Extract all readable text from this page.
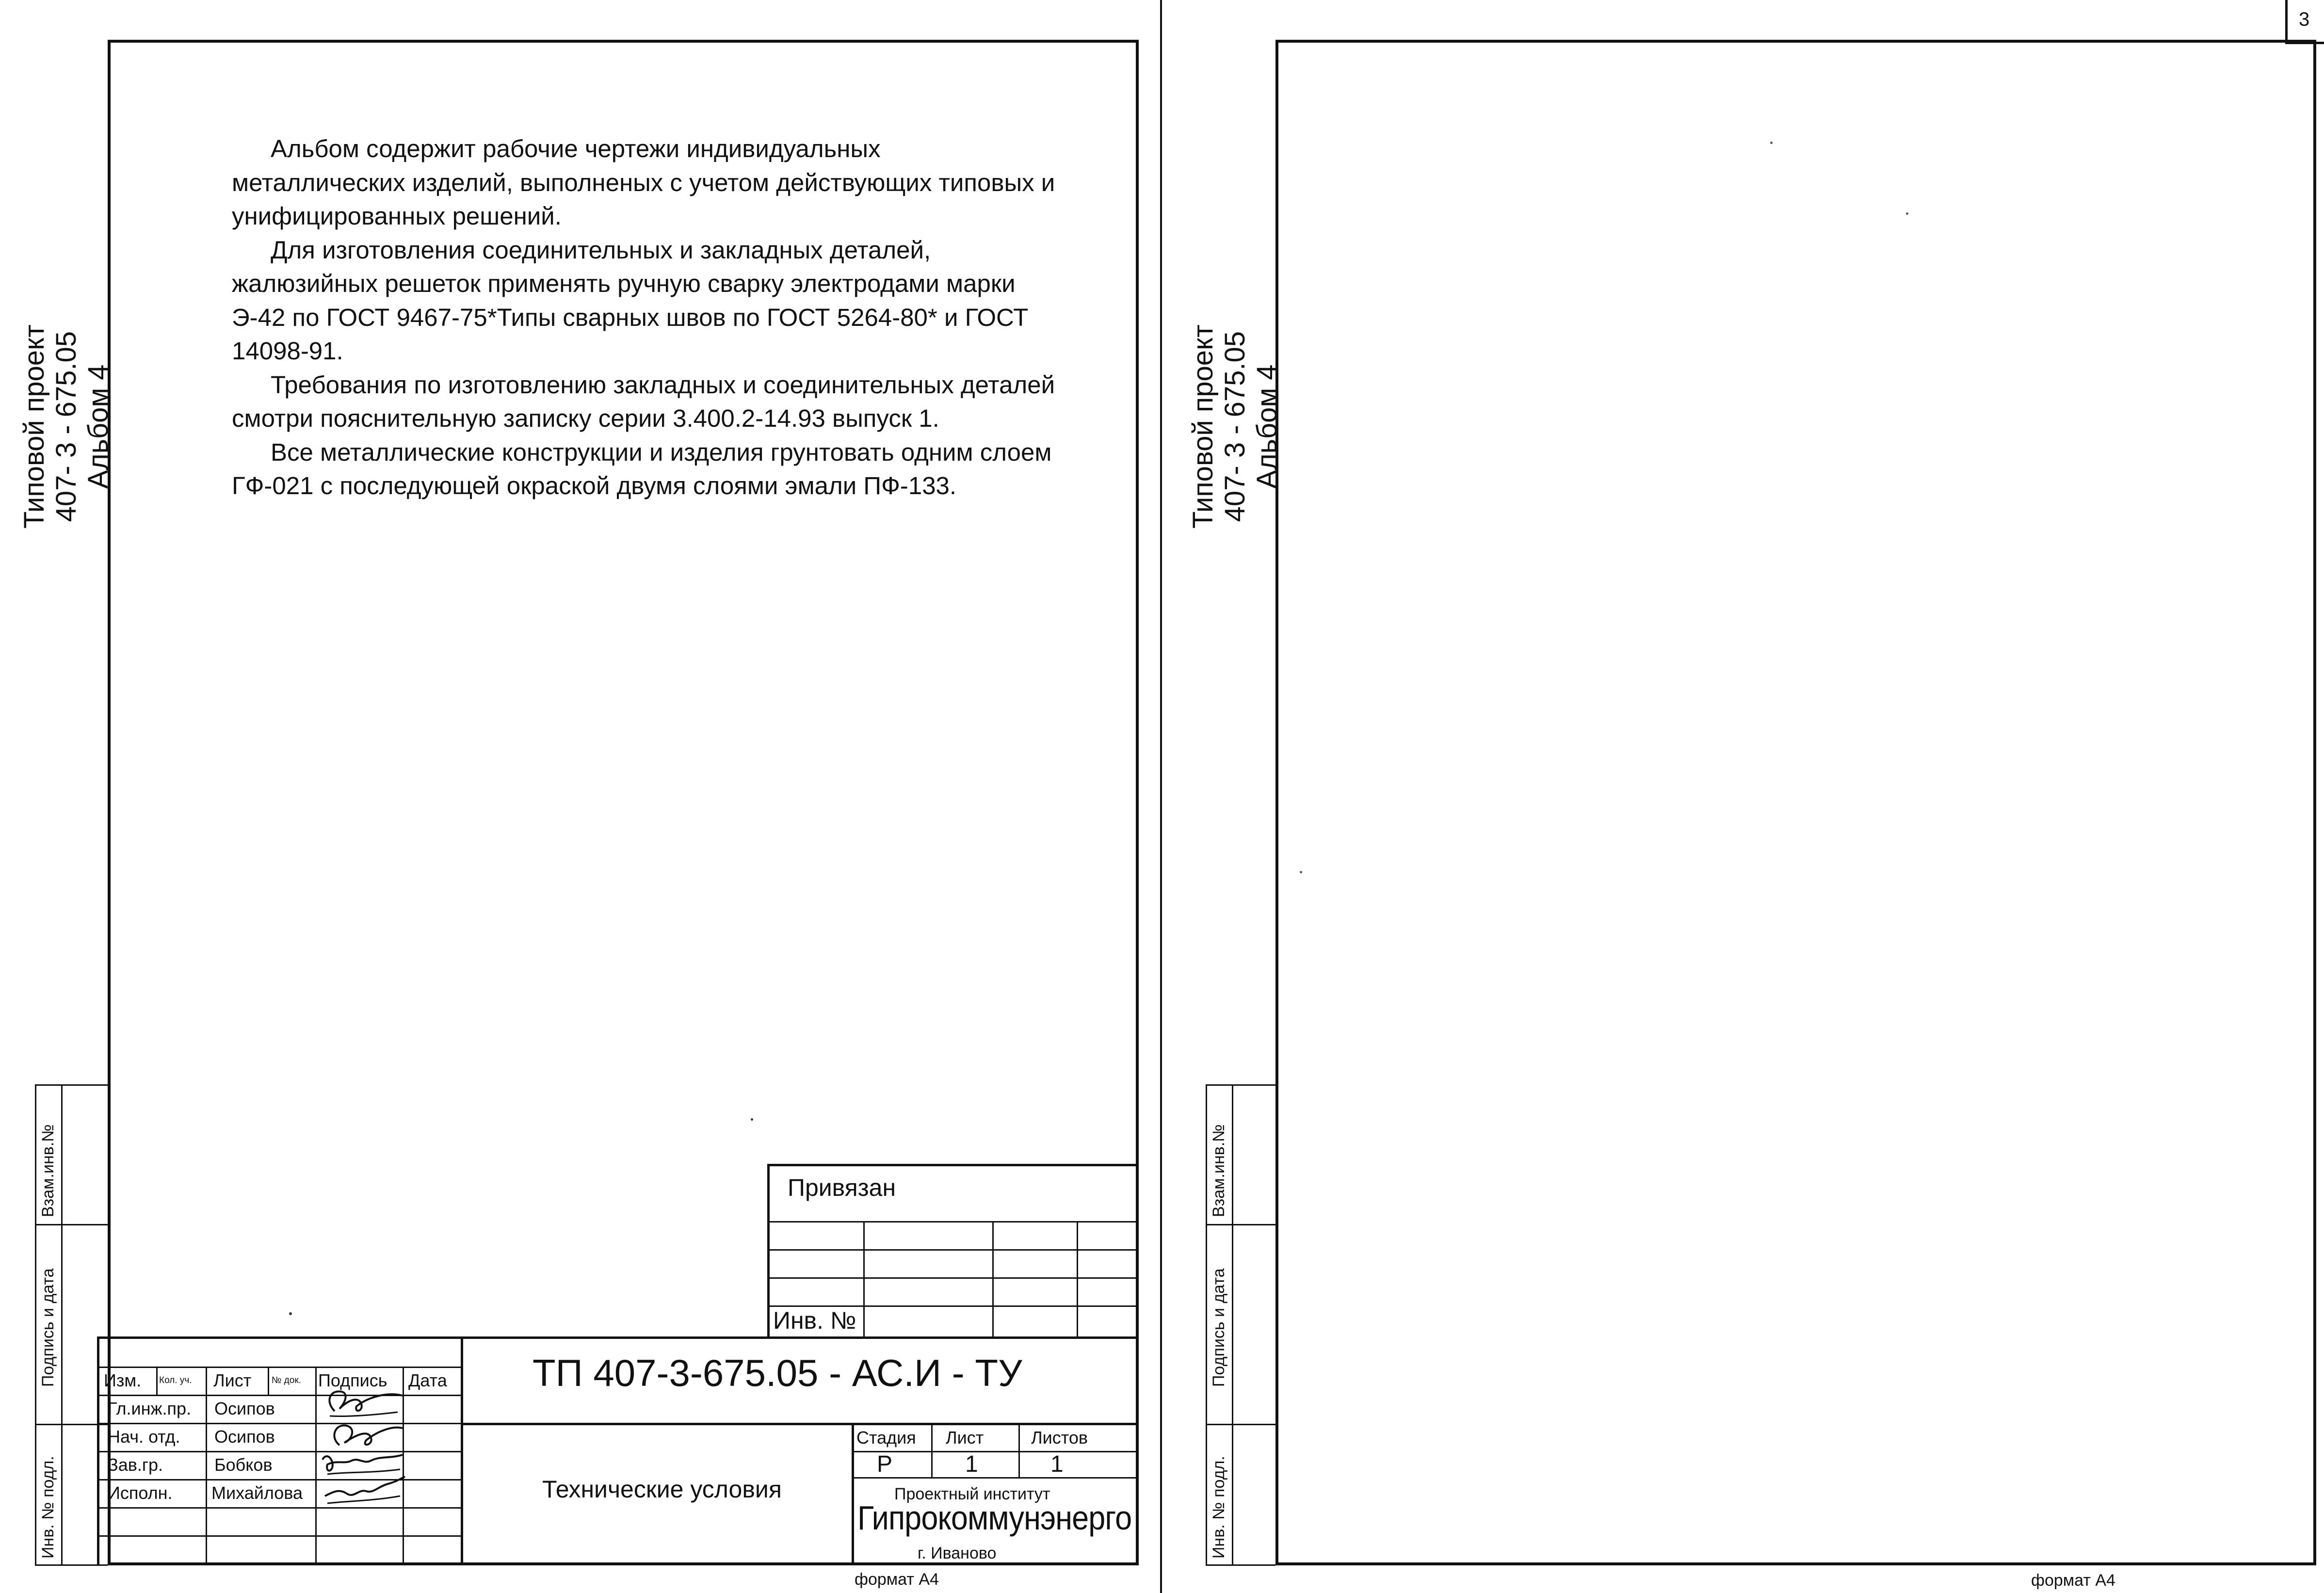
3
Типовой проект 407- 3 - 675.05 Альбом 4
Взам.инв.№
Подпись и дата
Инв. № подл.

Альбом содержит рабочие чертежи индивидуальных металлических изделий, выполненых с учетом действующих типовых и унифицированных решений.

Для изготовления соединительных и закладных деталей, жалюзийных решеток применять ручную сварку электродами марки Э-42 по ГОСТ 9467-75*Типы сварных швов по ГОСТ 5264-80* и ГОСТ 14098-91.

Требования по изготовлению закладных и соединительных деталей смотри пояснительную записку серии 3.400.2-14.93 выпуск 1.

Все металлические конструкции и изделия грунтовать одним слоем ГФ-021 с последующей окраской двумя слоями эмали ПФ-133.

Привязан
Инв. №
Изм. Кол. уч. Лист № док. Подпись Дата
Гл.инж.пр. Осипов
Нач. отд. Осипов
Зав.гр.	Бобков
Исполн. Михайлова
ТП 407-3-675.05 - АС.И - ТУ
Технические условия
Стадия Лист	Листов
Р	1	1
Проектный институт
Гипрокоммунэнерго
г. Иваново
формат А4
Типовой проект 407- 3 - 675.05 Альбом 4
Взам.инв.№
Подпись и дата
Инв. № подл.
формат А4
